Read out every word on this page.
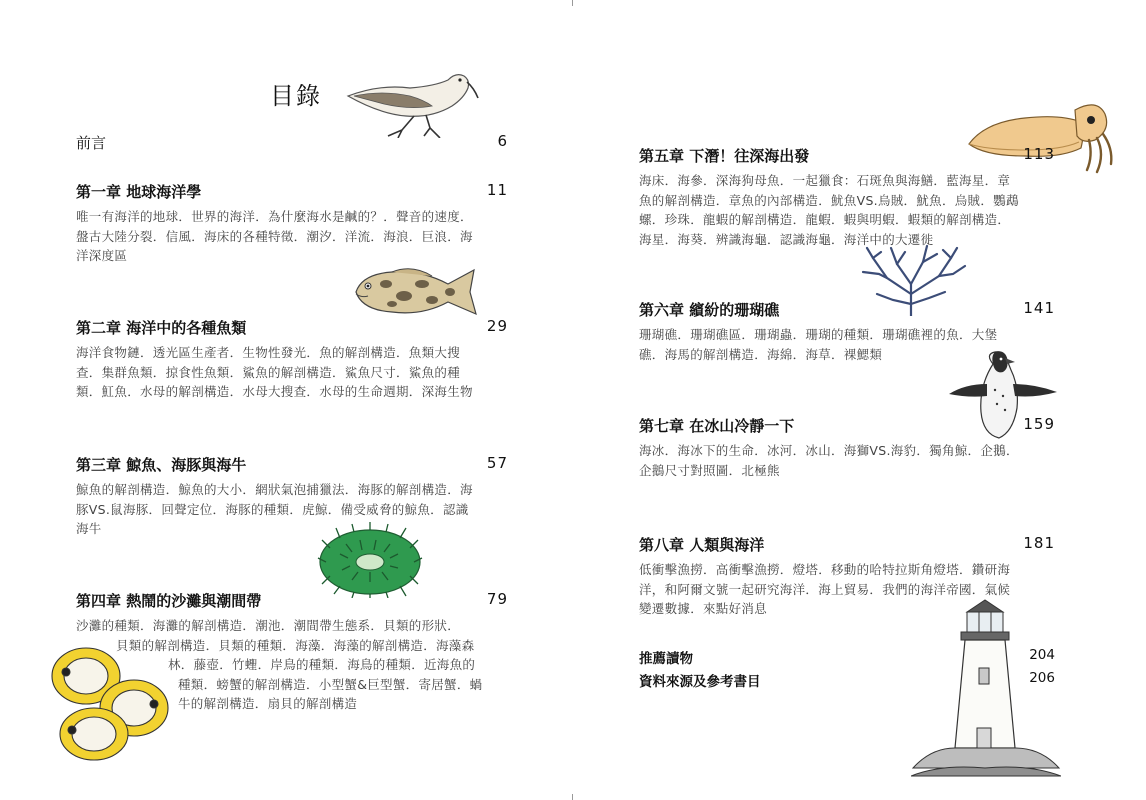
目錄
前言	6
第一章 地球海洋學	11
唯一有海洋的地球．世界的海洋．為什麼海水是鹹的？．聲音的速度．
盤古大陸分裂．信風．海床的各種特徵．潮汐．洋流．海浪．巨浪．海
洋深度區
第二章 海洋中的各種魚類	29
海洋食物鏈．透光區生產者．生物性發光．魚的解剖構造．魚類大搜
查．集群魚類．掠食性魚類．鯊魚的解剖構造．鯊魚尺寸．鯊魚的種
類．魟魚．水母的解剖構造．水母大搜查．水母的生命週期．深海生物
第三章 鯨魚、海豚與海牛	57
鯨魚的解剖構造．鯨魚的大小．網狀氣泡捕獵法．海豚的解剖構造．海
豚VS.鼠海豚．回聲定位．海豚的種類．虎鯨．備受威脅的鯨魚．認識
海牛
第四章 熱鬧的沙灘與潮間帶	79
沙灘的種類．海灘的解剖構造．潮池．潮間帶生態系．貝類的形狀．
貝類的解剖構造．貝類的種類．海藻．海藻的解剖構造．海藻森
林．藤壺．竹蟶．岸鳥的種類．海鳥的種類．近海魚的
種類．螃蟹的解剖構造．小型蟹&巨型蟹．寄居蟹．蝸
牛的解剖構造．扇貝的解剖構造
第五章 下潛！往深海出發	113
海床．海參．深海狗母魚．一起獵食：石斑魚與海鱔．藍海星．章
魚的解剖構造．章魚的內部構造．魷魚VS.烏賊．魷魚．烏賊．鸚鵡
螺．珍珠．龍蝦的解剖構造．龍蝦．蝦與明蝦．蝦類的解剖構造．
海星．海葵．辨識海龜．認識海龜．海洋中的大遷徙
第六章 繽紛的珊瑚礁	141
珊瑚礁．珊瑚礁區．珊瑚蟲．珊瑚的種類．珊瑚礁裡的魚．大堡
礁．海馬的解剖構造．海綿．海草．裸鰓類
第七章 在冰山冷靜一下	159
海冰．海冰下的生命．冰河．冰山．海獅VS.海豹．獨角鯨．企鵝．
企鵝尺寸對照圖．北極熊
第八章 人類與海洋	181
低衝擊漁撈．高衝擊漁撈．燈塔．移動的哈特拉斯角燈塔．鑽研海
洋，和阿爾文號一起研究海洋．海上貿易．我們的海洋帝國．氣候
變遷數據．來點好消息
推薦讀物	204
資料來源及參考書目	206
